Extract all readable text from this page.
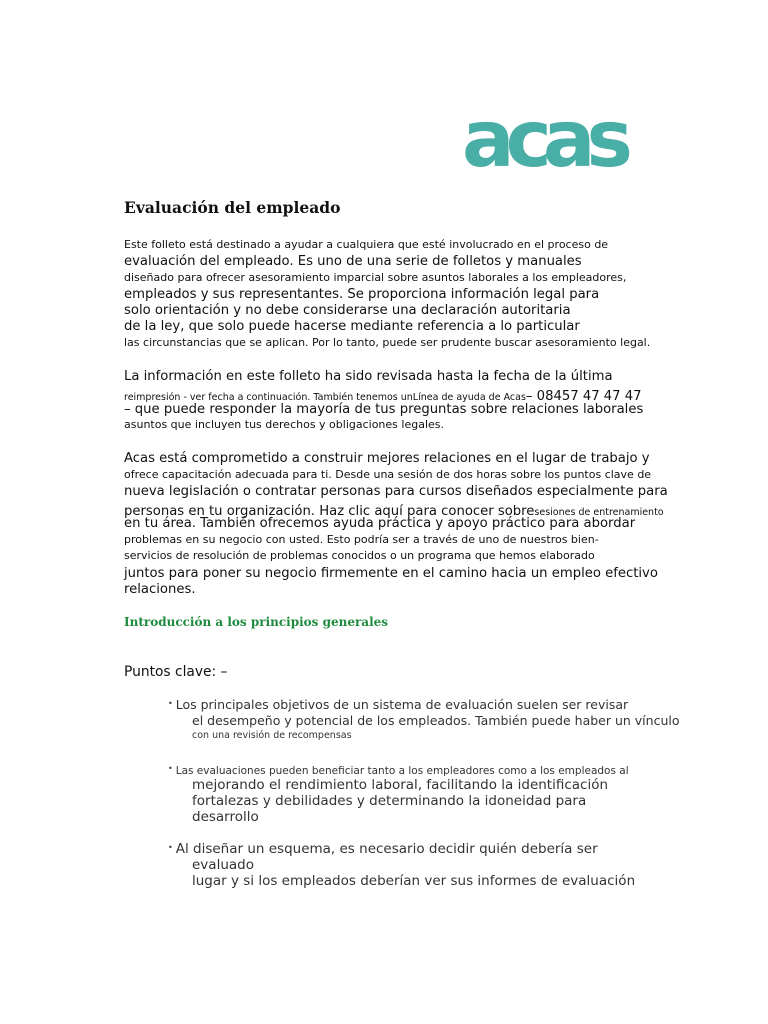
acas
Evaluación del empleado
Este folleto está destinado a ayudar a cualquiera que esté involucrado en el proceso de
evaluación del empleado. Es uno de una serie de folletos y manuales
diseñado para ofrecer asesoramiento imparcial sobre asuntos laborales a los empleadores,
empleados y sus representantes. Se proporciona información legal para
solo orientación y no debe considerarse una declaración autoritaria
de la ley, que solo puede hacerse mediante referencia a lo particular
las circunstancias que se aplican. Por lo tanto, puede ser prudente buscar asesoramiento legal.
La información en este folleto ha sido revisada hasta la fecha de la última
reimpresión - ver fecha a continuación. También tenemos unLínea de ayuda de Acas– 08457 47 47 47
– que puede responder la mayoría de tus preguntas sobre relaciones laborales
asuntos que incluyen tus derechos y obligaciones legales.
Acas está comprometido a construir mejores relaciones en el lugar de trabajo y
ofrece capacitación adecuada para ti. Desde una sesión de dos horas sobre los puntos clave de
nueva legislación o contratar personas para cursos diseñados especialmente para
personas en tu organización. Haz clic aquí para conocer sobresesiones de entrenamiento
en tu área. También ofrecemos ayuda práctica y apoyo práctico para abordar
problemas en su negocio con usted. Esto podría ser a través de uno de nuestros bien-
servicios de resolución de problemas conocidos o un programa que hemos elaborado
juntos para poner su negocio firmemente en el camino hacia un empleo efectivo
relaciones.
Introducción a los principios generales
Puntos clave: –
• Los principales objetivos de un sistema de evaluación suelen ser revisar
el desempeño y potencial de los empleados. También puede haber un vínculo
con una revisión de recompensas
• Las evaluaciones pueden beneficiar tanto a los empleadores como a los empleados al
mejorando el rendimiento laboral, facilitando la identificación
fortalezas y debilidades y determinando la idoneidad para
desarrollo
• Al diseñar un esquema, es necesario decidir quién debería ser
evaluado
lugar y si los empleados deberían ver sus informes de evaluación
